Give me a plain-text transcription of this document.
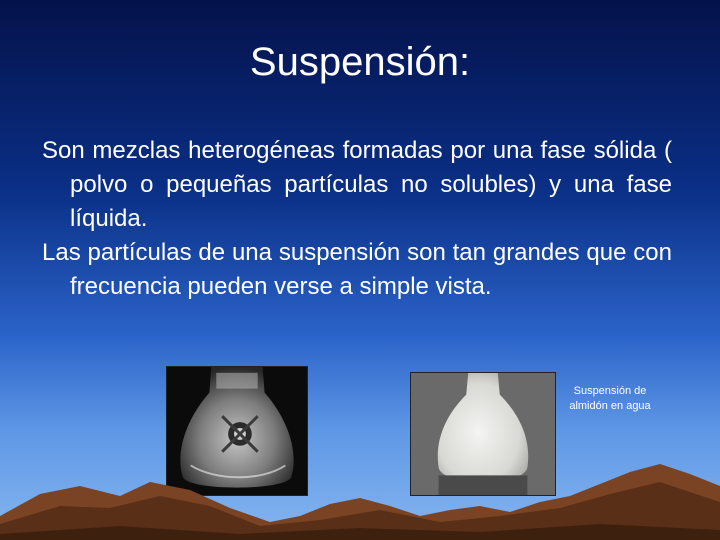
Suspensión:

Son mezclas heterogéneas formadas por una fase sólida ( polvo o pequeñas partículas no solubles) y una fase líquida.

Las partículas de una suspensión son tan grandes que con frecuencia pueden verse a simple vista.

Suspensión de almidón en agua
